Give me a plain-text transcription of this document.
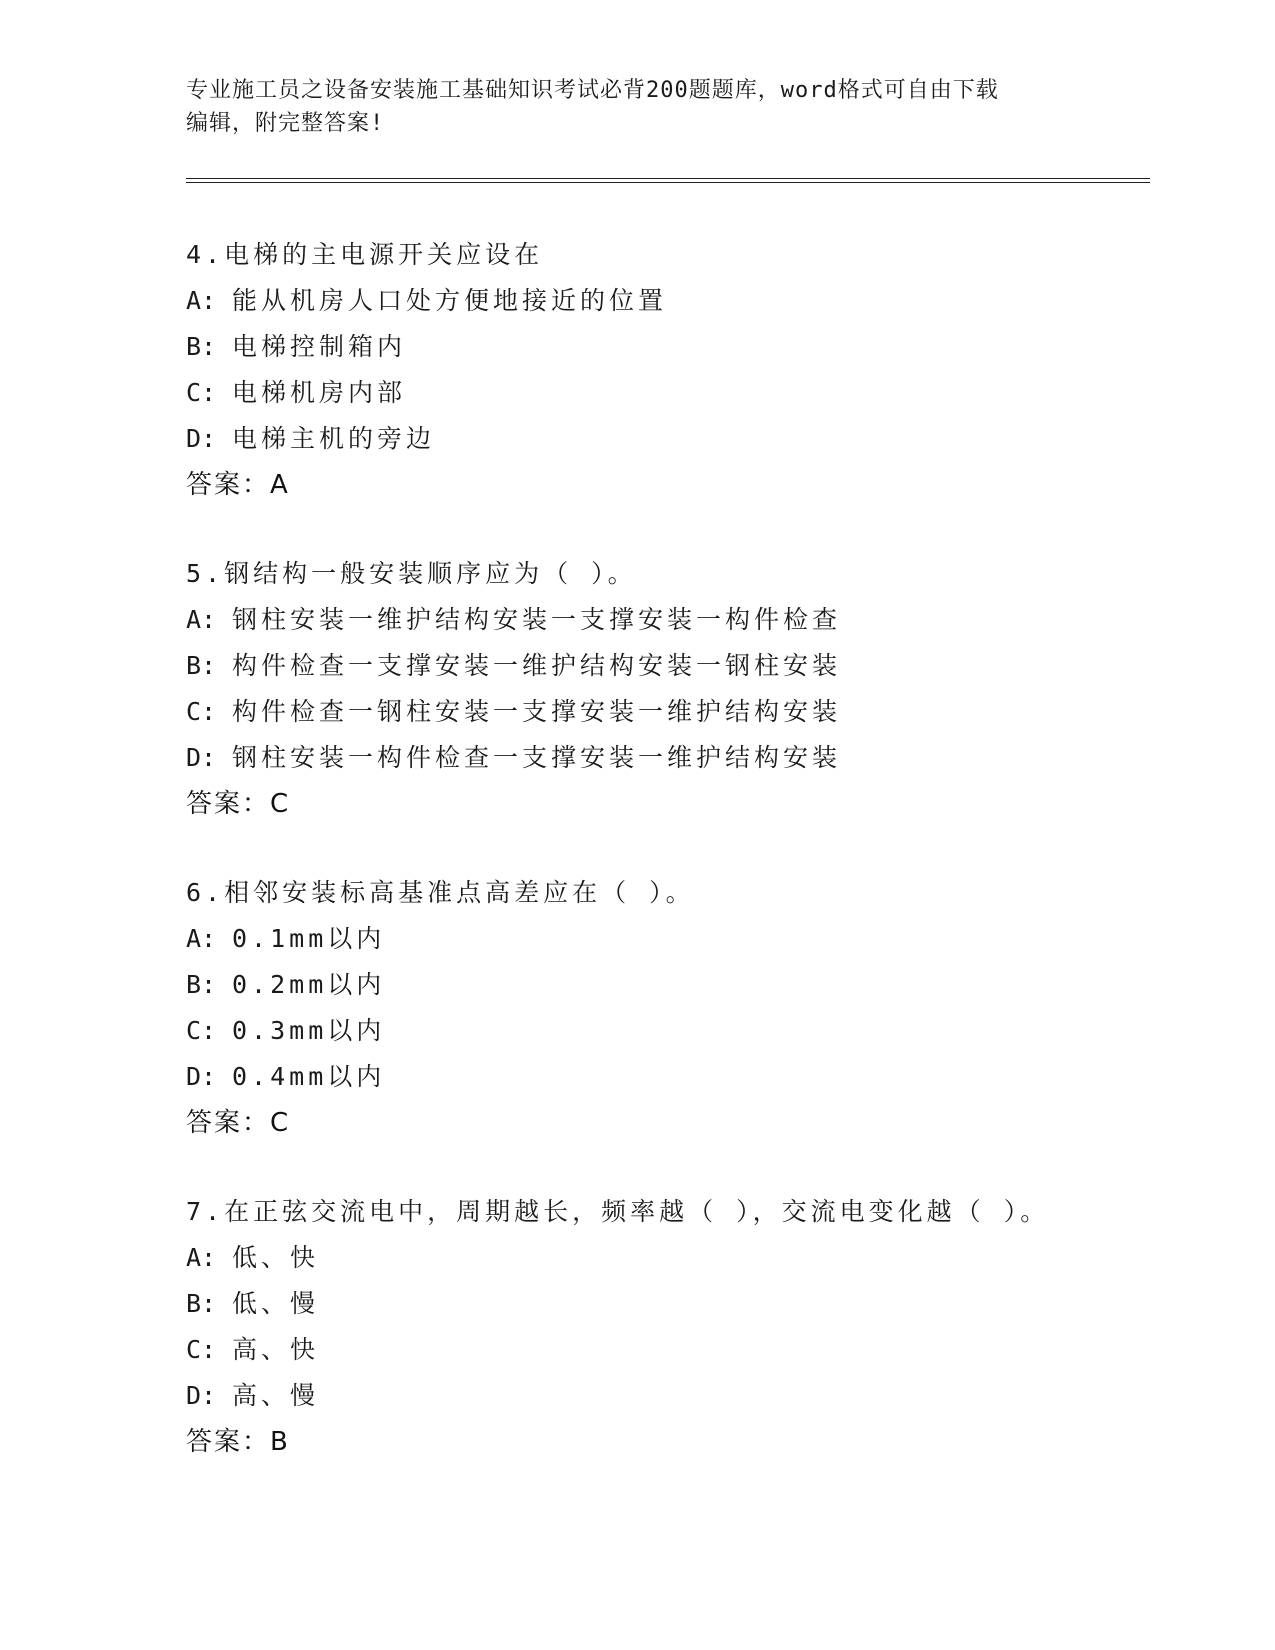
专业施工员之设备安装施工基础知识考试必背200题题库，word格式可自由下载
编辑，附完整答案!
4.电梯的主电源开关应设在
A: 能从机房人口处方便地接近的位置
B: 电梯控制箱内
C: 电梯机房内部
D: 电梯主机的旁边
答案：A
5.钢结构一般安装顺序应为（ ）。
A: 钢柱安装一维护结构安装一支撑安装一构件检查
B: 构件检查一支撑安装一维护结构安装一钢柱安装
C: 构件检查一钢柱安装一支撑安装一维护结构安装
D: 钢柱安装一构件检查一支撑安装一维护结构安装
答案：C
6.相邻安装标高基准点高差应在（ ）。
A: 0.1mm以内
B: 0.2mm以内
C: 0.3mm以内
D: 0.4mm以内
答案：C
7.在正弦交流电中，周期越长，频率越（ ），交流电变化越（ ）。
A: 低、快
B: 低、慢
C: 高、快
D: 高、慢
答案：B
